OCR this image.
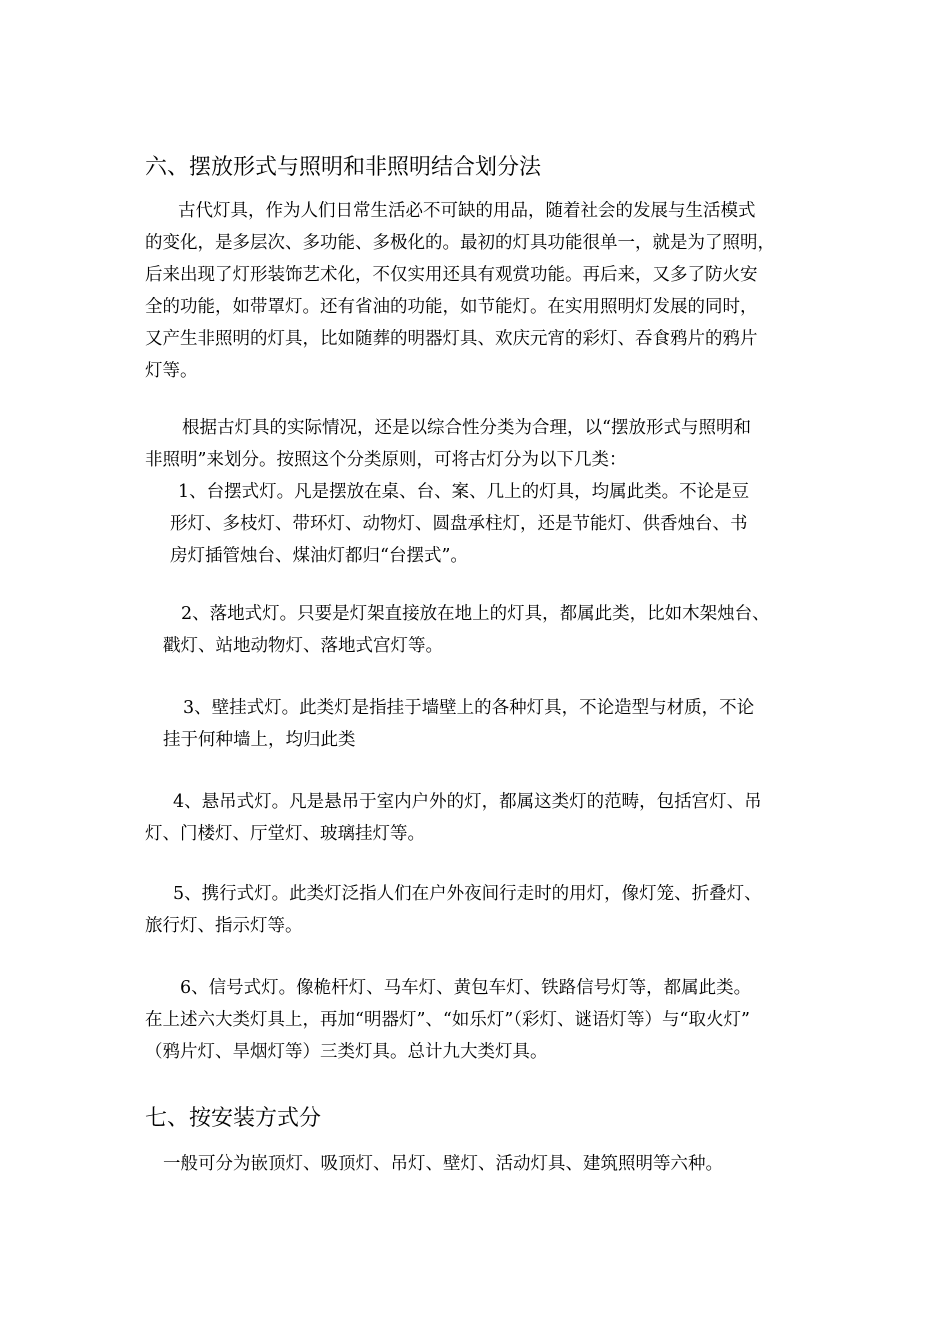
六、摆放形式与照明和非照明结合划分法
古代灯具，作为人们日常生活必不可缺的用品，随着社会的发展与生活模式
的变化，是多层次、多功能、多极化的。最初的灯具功能很单一，就是为了照明，
后来出现了灯形装饰艺术化，不仅实用还具有观赏功能。再后来，又多了防火安
全的功能，如带罩灯。还有省油的功能，如节能灯。在实用照明灯发展的同时，
又产生非照明的灯具，比如随葬的明器灯具、欢庆元宵的彩灯、吞食鸦片的鸦片
灯等。
根据古灯具的实际情况，还是以综合性分类为合理，以“摆放形式与照明和
非照明”来划分。按照这个分类原则，可将古灯分为以下几类：
1、台摆式灯。凡是摆放在桌、台、案、几上的灯具，均属此类。不论是豆
形灯、多枝灯、带环灯、动物灯、圆盘承柱灯，还是节能灯、供香烛台、书
房灯插管烛台、煤油灯都归“台摆式”。
2、落地式灯。只要是灯架直接放在地上的灯具，都属此类，比如木架烛台、
戳灯、站地动物灯、落地式宫灯等。
3、壁挂式灯。此类灯是指挂于墙壁上的各种灯具，不论造型与材质，不论
挂于何种墙上，均归此类
4、悬吊式灯。凡是悬吊于室内户外的灯，都属这类灯的范畴，包括宫灯、吊
灯、门楼灯、厅堂灯、玻璃挂灯等。
5、携行式灯。此类灯泛指人们在户外夜间行走时的用灯，像灯笼、折叠灯、
旅行灯、指示灯等。
6、信号式灯。像桅杆灯、马车灯、黄包车灯、铁路信号灯等，都属此类。
在上述六大类灯具上，再加“明器灯”、“如乐灯”（彩灯、谜语灯等）与“取火灯”
（鸦片灯、旱烟灯等）三类灯具。总计九大类灯具。
七、按安装方式分
一般可分为嵌顶灯、吸顶灯、吊灯、壁灯、活动灯具、建筑照明等六种。
